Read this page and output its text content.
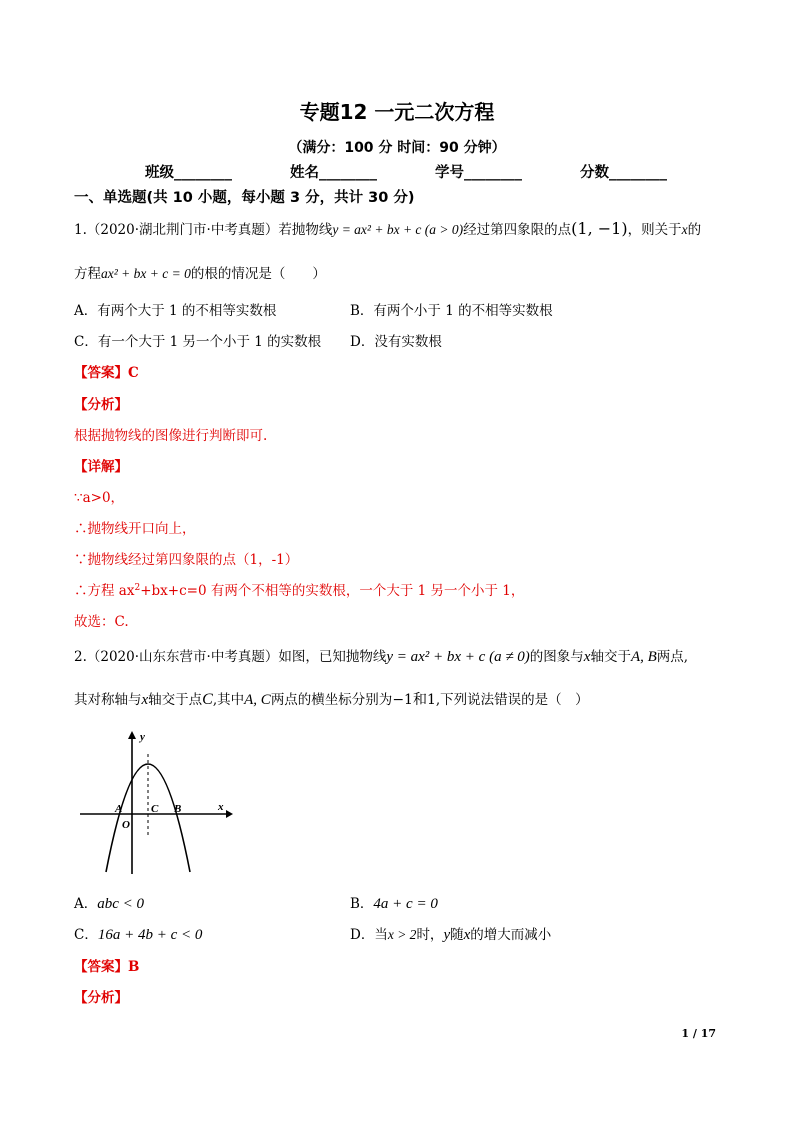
专题12 一元二次方程
（满分：100 分 时间：90 分钟）
班级________	姓名________	学号________	分数________
一、单选题(共 10 小题，每小题 3 分，共计 30 分)
1.（2020·湖北荆门市·中考真题）若抛物线y = ax² + bx + c (a > 0)经过第四象限的点(1, −1)，则关于x的
方程ax² + bx + c = 0的根的情况是（　　）
A．有两个大于 1 的不相等实数根	B．有两个小于 1 的不相等实数根
C．有一个大于 1 另一个小于 1 的实数根 D．没有实数根
【答案】C
【分析】
根据抛物线的图像进行判断即可.
【详解】
∵a>0，
∴抛物线开口向上，
∵抛物线经过第四象限的点（1，-1）
∴方程 $ax^2+bx+c=0$ 有两个不相等的实数根，一个大于 1 另一个小于 1，
故选：C.
2.（2020·山东东营市·中考真题）如图，已知抛物线y = ax² + bx + c (a ≠ 0)的图象与x轴交于A, B两点,
其对称轴与x轴交于点C,其中A, C两点的横坐标分别为−1和1,下列说法错误的是（　）
y
x
A
O
C B
A．abc < 0	B．4a + c = 0
C．16a + 4b + c < 0	D．当x > 2时，y随x的增大而减小
【答案】B
【分析】
1 / 17
